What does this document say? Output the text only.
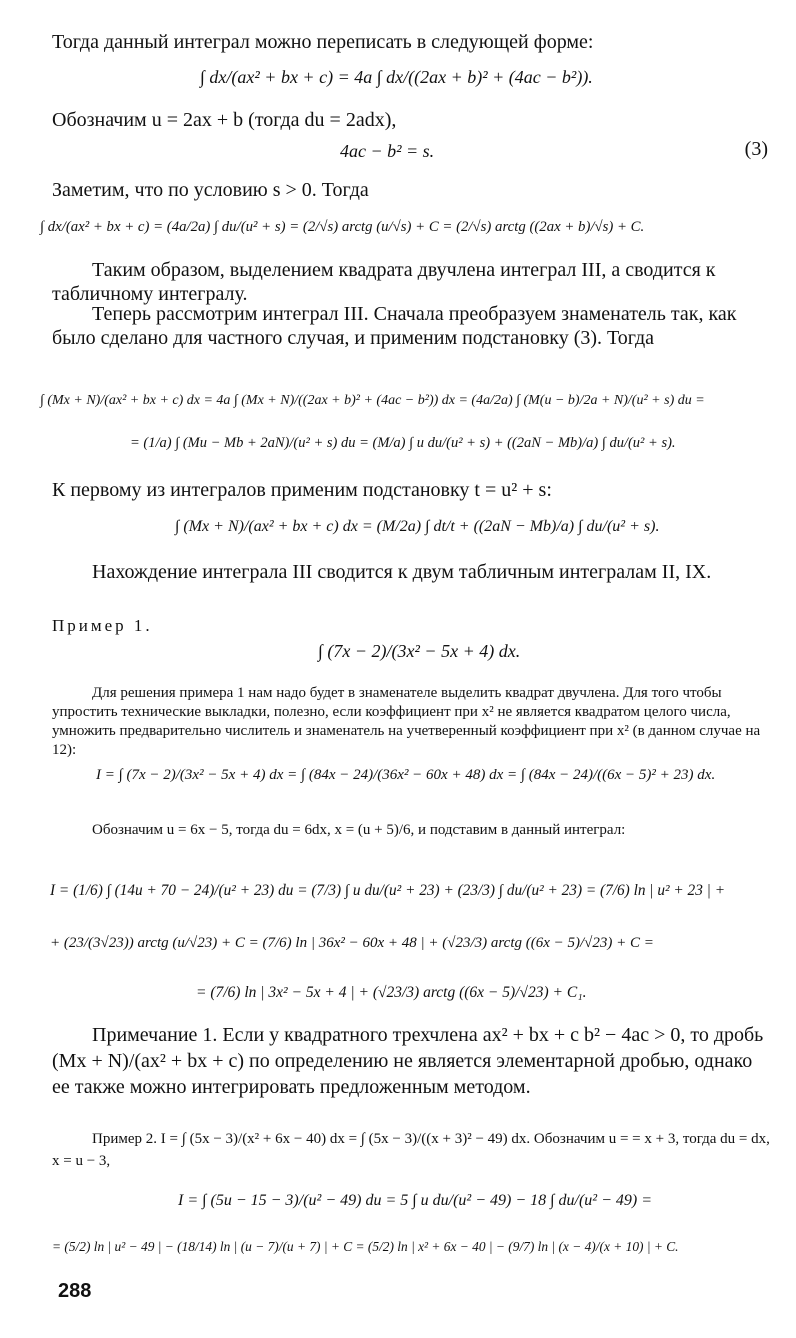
Тогда данный интеграл можно переписать в следующей форме:
∫ dx/(ax² + bx + c) = 4a ∫ dx/((2ax + b)² + (4ac − b²)).
Обозначим u = 2ax + b (тогда du = 2adx),
4ac − b² = s.	(3)
Заметим, что по условию s > 0. Тогда
∫ dx/(ax² + bx + c) = (4a/2a) ∫ du/(u² + s) = (2/√s) arctg (u/√s) + C = (2/√s) arctg ((2ax + b)/√s) + C.
Таким образом, выделением квадрата двучлена интеграл III, а сводится к табличному интегралу.
Теперь рассмотрим интеграл III. Сначала преобразуем знаменатель так, как было сделано для частного случая, и применим подстановку (3). Тогда
∫ (Mx + N)/(ax² + bx + c) dx = 4a ∫ (Mx + N)/((2ax + b)² + (4ac − b²)) dx = (4a/2a) ∫ (M(u − b)/2a + N)/(u² + s) du =
= (1/a) ∫ (Mu − Mb + 2aN)/(u² + s) du = (M/a) ∫ u du/(u² + s) + ((2aN − Mb)/a) ∫ du/(u² + s).
К первому из интегралов применим подстановку t = u² + s:
∫ (Mx + N)/(ax² + bx + c) dx = (M/2a) ∫ dt/t + ((2aN − Mb)/a) ∫ du/(u² + s).
Нахождение интеграла III сводится к двум табличным интегралам II, IX.
Пример 1.
∫ (7x − 2)/(3x² − 5x + 4) dx.
Для решения примера 1 нам надо будет в знаменателе выделить квадрат двучлена. Для того чтобы упростить технические выкладки, полезно, если коэффициент при x² не является квадратом целого числа, умножить предварительно числитель и знаменатель на учетверенный коэффициент при x² (в данном случае на 12):
I = ∫ (7x − 2)/(3x² − 5x + 4) dx = ∫ (84x − 24)/(36x² − 60x + 48) dx = ∫ (84x − 24)/((6x − 5)² + 23) dx.
Обозначим u = 6x − 5, тогда du = 6dx, x = (u + 5)/6, и подставим в данный интеграл:
I = (1/6) ∫ (14u + 70 − 24)/(u² + 23) du = (7/3) ∫ u du/(u² + 23) + (23/3) ∫ du/(u² + 23) = (7/6) ln | u² + 23 | +
+ (23/(3√23)) arctg (u/√23) + C = (7/6) ln | 36x² − 60x + 48 | + (√23/3) arctg ((6x − 5)/√23) + C =
= (7/6) ln | 3x² − 5x + 4 | + (√23/3) arctg ((6x − 5)/√23) + C₁.
Примечание 1. Если у квадратного трехчлена ax² + bx + c b² − 4ac > 0, то дробь (Mx + N)/(ax² + bx + c) по определению не является элементарной дробью, однако ее также можно интегрировать предложенным методом.
Пример 2. I = ∫ (5x − 3)/(x² + 6x − 40) dx = ∫ (5x − 3)/((x + 3)² − 49) dx. Обозначим u = = x + 3, тогда du = dx, x = u − 3,
I = ∫ (5u − 15 − 3)/(u² − 49) du = 5 ∫ u du/(u² − 49) − 18 ∫ du/(u² − 49) =
= (5/2) ln | u² − 49 | − (18/14) ln | (u − 7)/(u + 7) | + C = (5/2) ln | x² + 6x − 40 | − (9/7) ln | (x − 4)/(x + 10) | + C.
288
